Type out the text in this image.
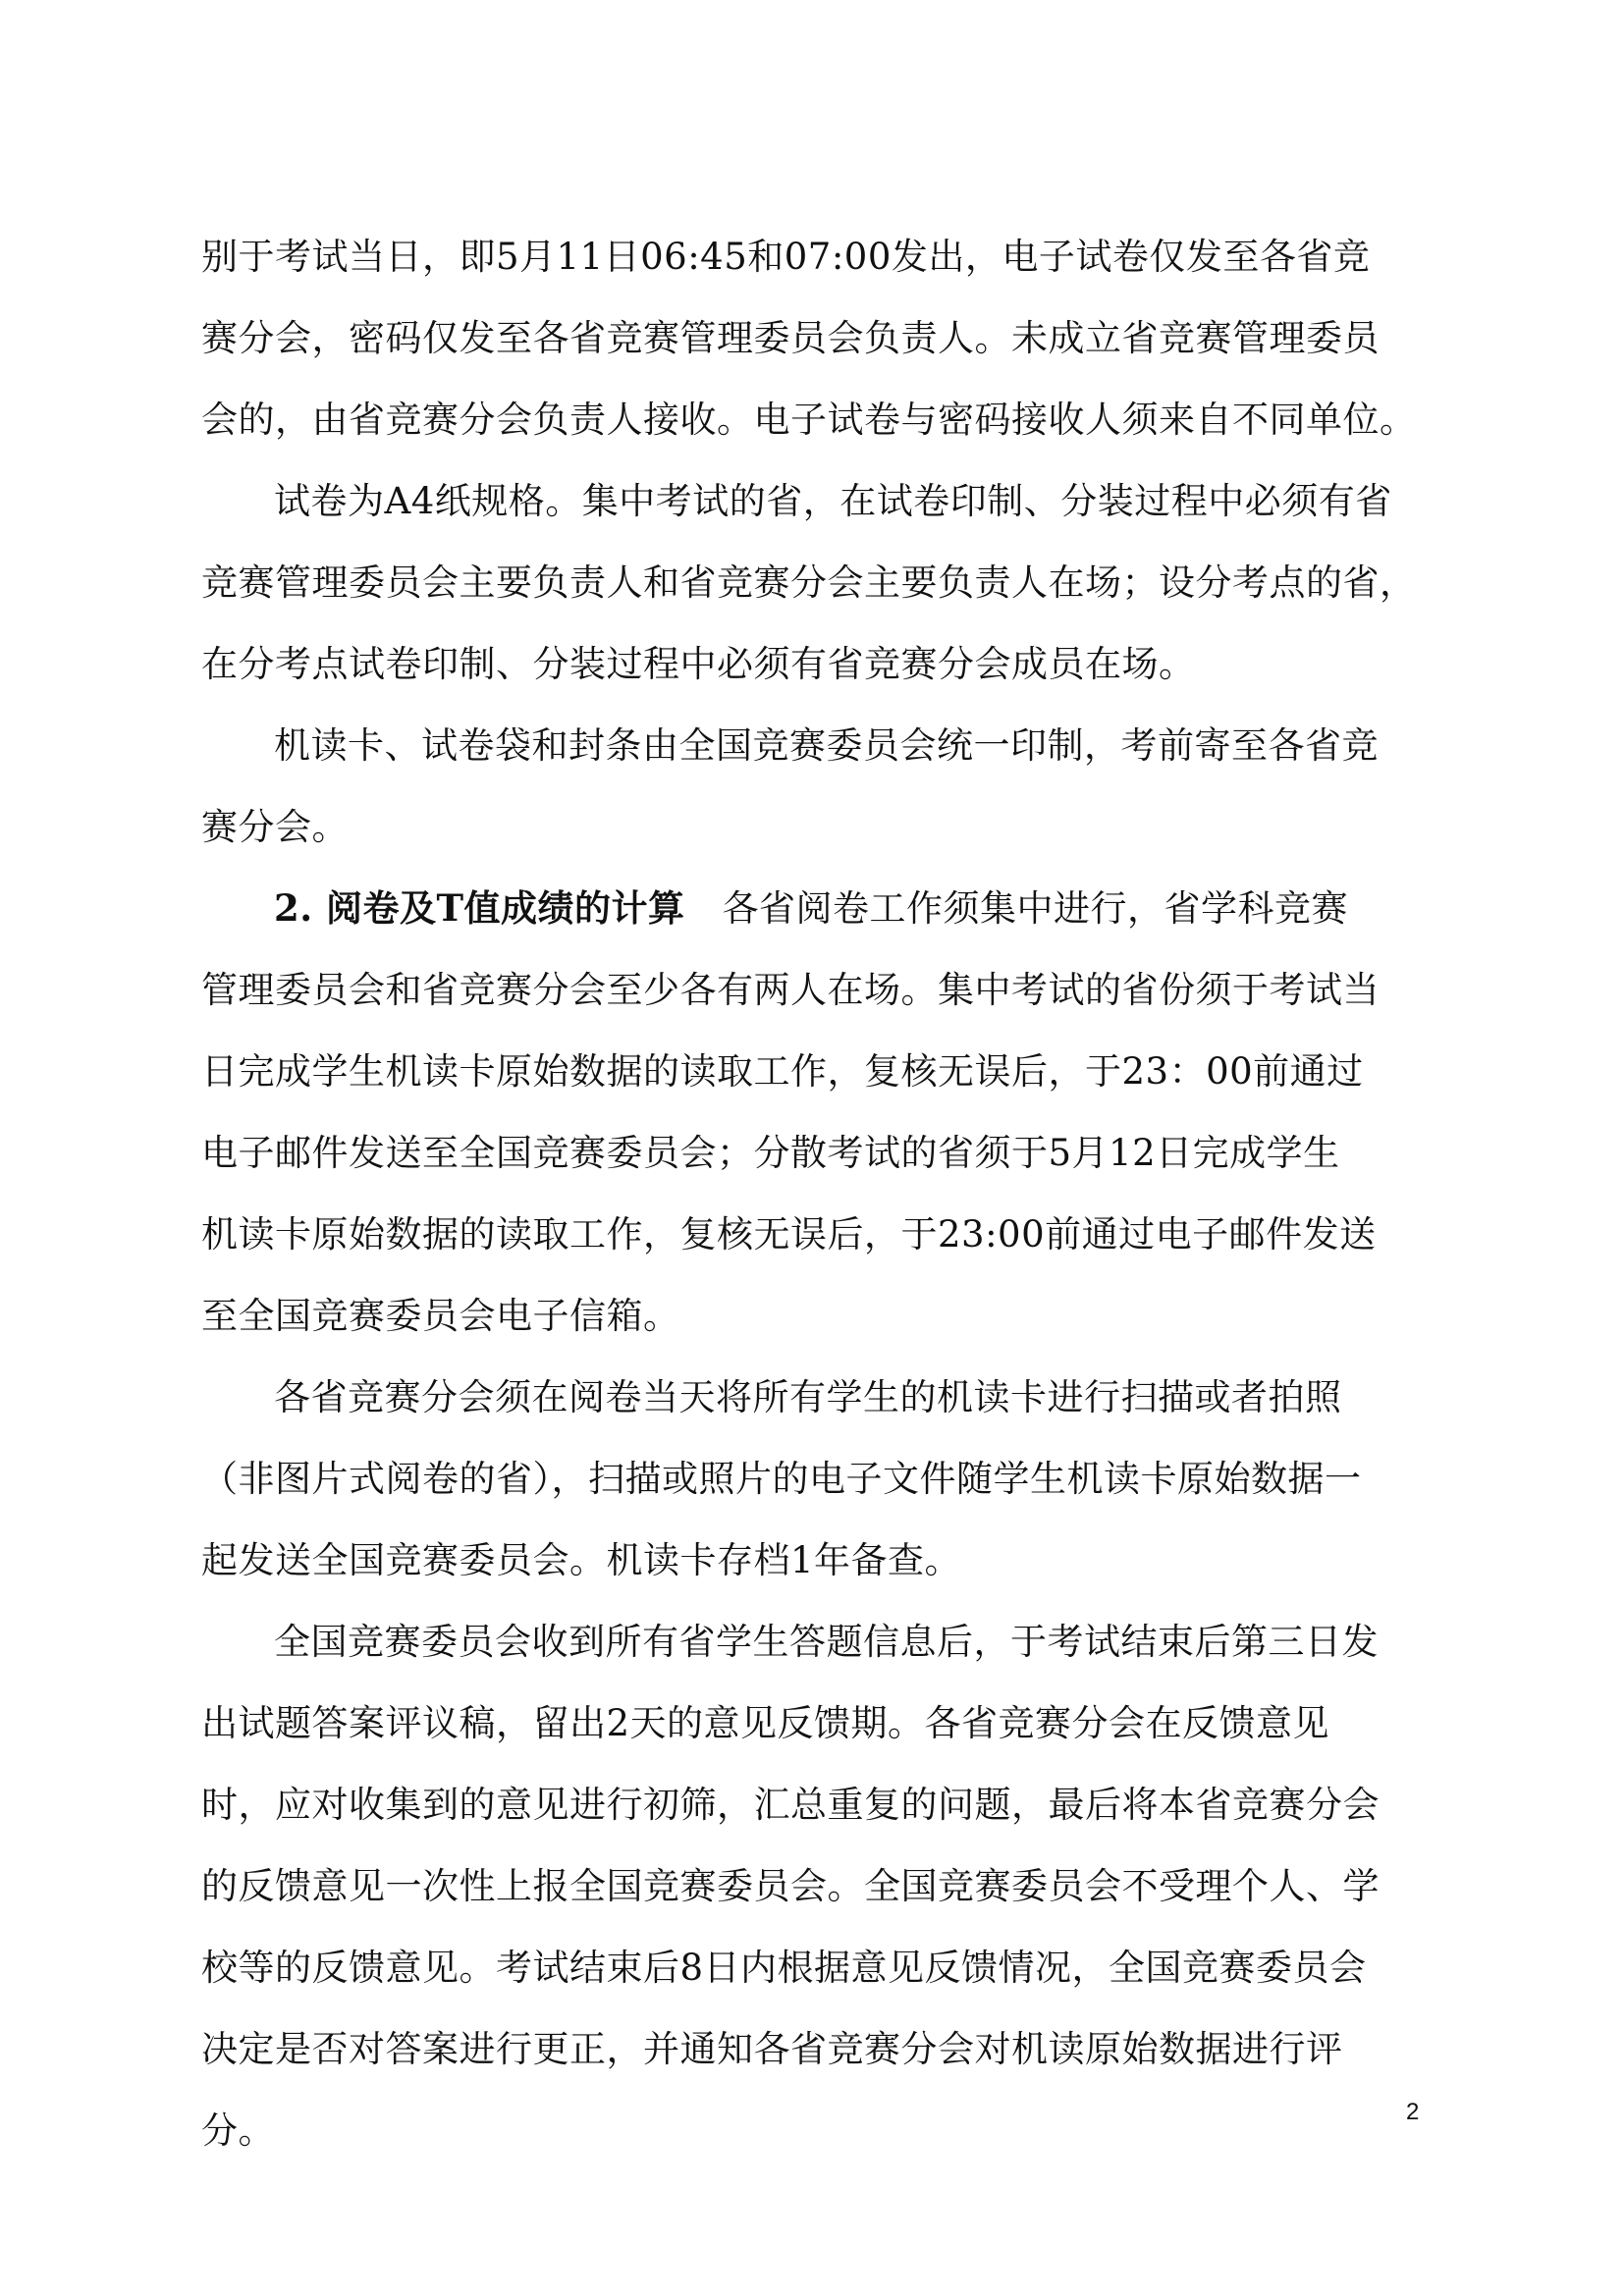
别于考试当日，即5月11日06:45和07:00发出，电子试卷仅发至各省竞
赛分会，密码仅发至各省竞赛管理委员会负责人。未成立省竞赛管理委员
会的，由省竞赛分会负责人接收。电子试卷与密码接收人须来自不同单位。
试卷为A4纸规格。集中考试的省，在试卷印制、分装过程中必须有省
竞赛管理委员会主要负责人和省竞赛分会主要负责人在场；设分考点的省，
在分考点试卷印制、分装过程中必须有省竞赛分会成员在场。
机读卡、试卷袋和封条由全国竞赛委员会统一印制，考前寄至各省竞
赛分会。
2. 阅卷及T值成绩的计算 各省阅卷工作须集中进行，省学科竞赛
管理委员会和省竞赛分会至少各有两人在场。集中考试的省份须于考试当
日完成学生机读卡原始数据的读取工作，复核无误后，于23：00前通过
电子邮件发送至全国竞赛委员会；分散考试的省须于5月12日完成学生
机读卡原始数据的读取工作，复核无误后，于23:00前通过电子邮件发送
至全国竞赛委员会电子信箱。
各省竞赛分会须在阅卷当天将所有学生的机读卡进行扫描或者拍照
（非图片式阅卷的省），扫描或照片的电子文件随学生机读卡原始数据一
起发送全国竞赛委员会。机读卡存档1年备查。
全国竞赛委员会收到所有省学生答题信息后，于考试结束后第三日发
出试题答案评议稿，留出2天的意见反馈期。各省竞赛分会在反馈意见
时，应对收集到的意见进行初筛，汇总重复的问题，最后将本省竞赛分会
的反馈意见一次性上报全国竞赛委员会。全国竞赛委员会不受理个人、学
校等的反馈意见。考试结束后8日内根据意见反馈情况，全国竞赛委员会
决定是否对答案进行更正，并通知各省竞赛分会对机读原始数据进行评
分。	2
